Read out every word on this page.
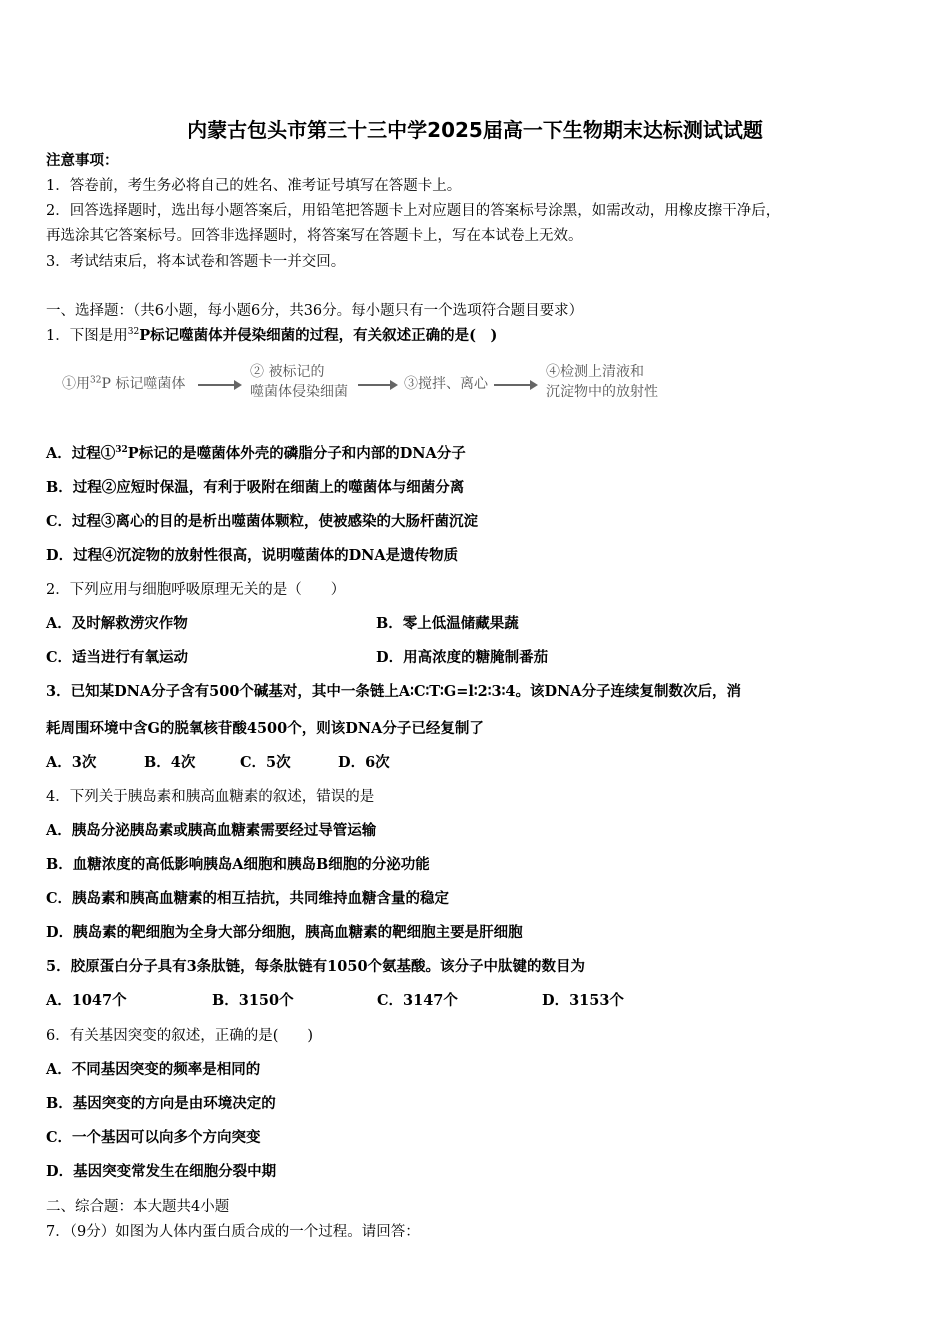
内蒙古包头市第三十三中学2025届高一下生物期末达标测试试题
注意事项：
1．答卷前，考生务必将自己的姓名、准考证号填写在答题卡上。
2．回答选择题时，选出每小题答案后，用铅笔把答题卡上对应题目的答案标号涂黑，如需改动，用橡皮擦干净后，
再选涂其它答案标号。回答非选择题时，将答案写在答题卡上，写在本试卷上无效。
3．考试结束后，将本试卷和答题卡一并交回。
一、选择题：（共6小题，每小题6分，共36分。每小题只有一个选项符合题目要求）
1．下图是用$^{32}$P标记噬菌体并侵染细菌的过程，有关叙述正确的是(　)
①用$^{32}$P 标记噬菌体
② 被标记的
噬菌体侵染细菌	③搅拌、离心
④检测上清液和
沉淀物中的放射性
A．过程①$^{32}$P标记的是噬菌体外壳的磷脂分子和内部的DNA分子
B．过程②应短时保温，有利于吸附在细菌上的噬菌体与细菌分离
C．过程③离心的目的是析出噬菌体颗粒，使被感染的大肠杆菌沉淀
D．过程④沉淀物的放射性很高，说明噬菌体的DNA是遗传物质
2．下列应用与细胞呼吸原理无关的是（　　）
A．及时解救涝灾作物	B．零上低温储藏果蔬
C．适当进行有氧运动	D．用高浓度的糖腌制番茄
3．已知某DNA分子含有500个碱基对，其中一条链上A∶C∶T∶G=l∶2∶3∶4。该DNA分子连续复制数次后，消
耗周围环境中含G的脱氧核苷酸4500个，则该DNA分子已经复制了
A．3次	B．4次	C．5次	D．6次
4．下列关于胰岛素和胰高血糖素的叙述，错误的是
A．胰岛分泌胰岛素或胰高血糖素需要经过导管运输
B．血糖浓度的高低影响胰岛A细胞和胰岛B细胞的分泌功能
C．胰岛素和胰高血糖素的相互拮抗，共同维持血糖含量的稳定
D．胰岛素的靶细胞为全身大部分细胞，胰高血糖素的靶细胞主要是肝细胞
5．胶原蛋白分子具有3条肽链，每条肽链有1050个氨基酸。该分子中肽键的数目为
A．1047个	B．3150个	C．3147个	D．3153个
6．有关基因突变的叙述，正确的是(　　)
A．不同基因突变的频率是相同的
B．基因突变的方向是由环境决定的
C．一个基因可以向多个方向突变
D．基因突变常发生在细胞分裂中期
二、综合题：本大题共4小题
7．（9分）如图为人体内蛋白质合成的一个过程。请回答：
